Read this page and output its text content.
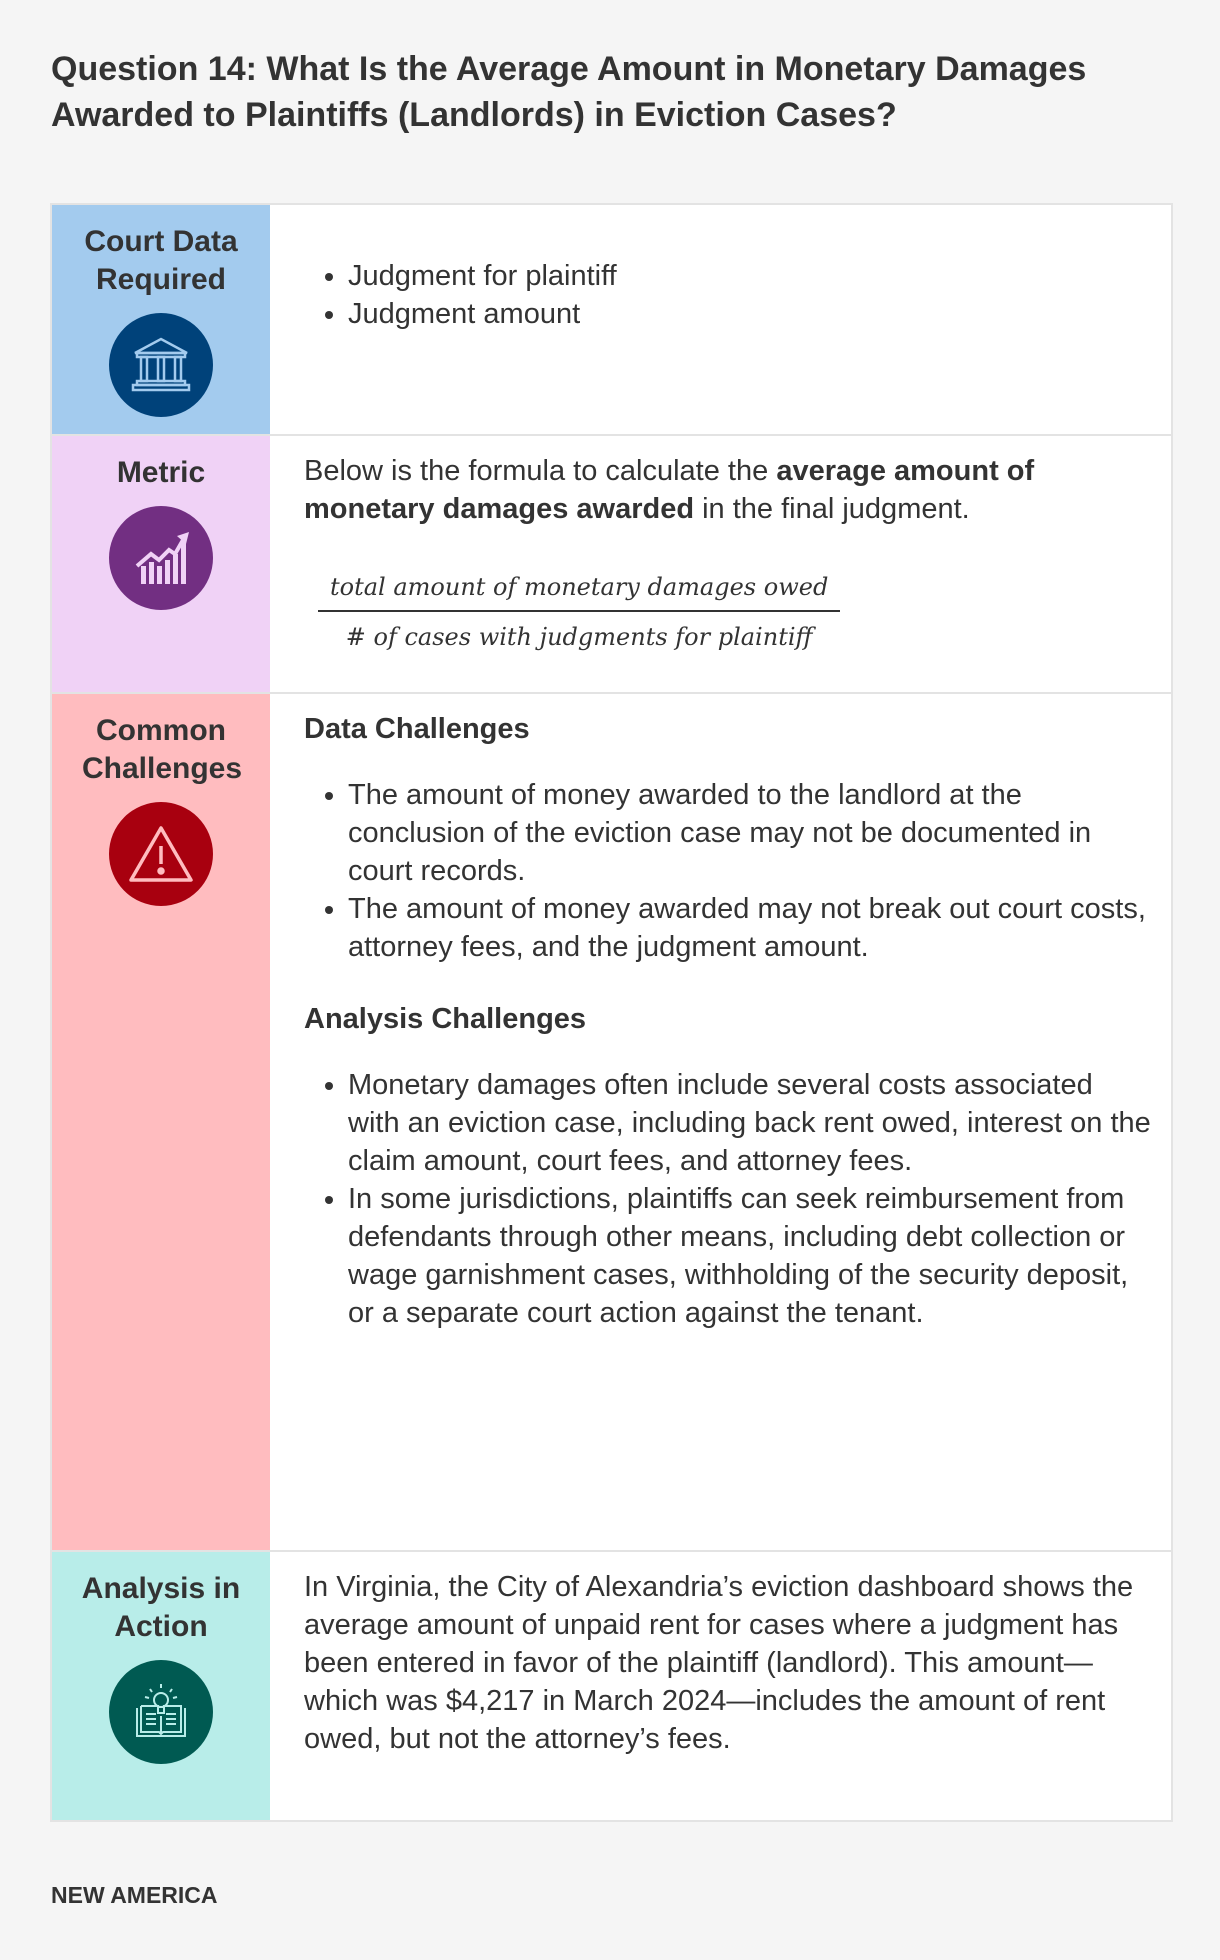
Question 14: What Is the Average Amount in Monetary Damages Awarded to Plaintiffs (Landlords) in Eviction Cases?
Court Data Required	• Judgment for plaintiff
• Judgment amount
Metric	Below is the formula to calculate the average amount of monetary damages awarded in the final judgment.
$\frac{\text{total amount of monetary damages owed}}{\text{\# of cases with judgments for plaintiff}}$
Common Challenges
Data Challenges
• The amount of money awarded to the landlord at the conclusion of the eviction case may not be documented in court records.
• The amount of money awarded may not break out court costs, attorney fees, and the judgment amount.
Analysis Challenges
• Monetary damages often include several costs associated with an eviction case, including back rent owed, interest on the claim amount, court fees, and attorney fees.
• In some jurisdictions, plaintiffs can seek reimbursement from defendants through other means, including debt collection or wage garnishment cases, withholding of the security deposit, or a separate court action against the tenant.
Analysis in Action
In Virginia, the City of Alexandria’s eviction dashboard shows the average amount of unpaid rent for cases where a judgment has been entered in favor of the plaintiff (landlord). This amount—which was $4,217 in March 2024—includes the amount of rent owed, but not the attorney’s fees.
NEW AMERICA
